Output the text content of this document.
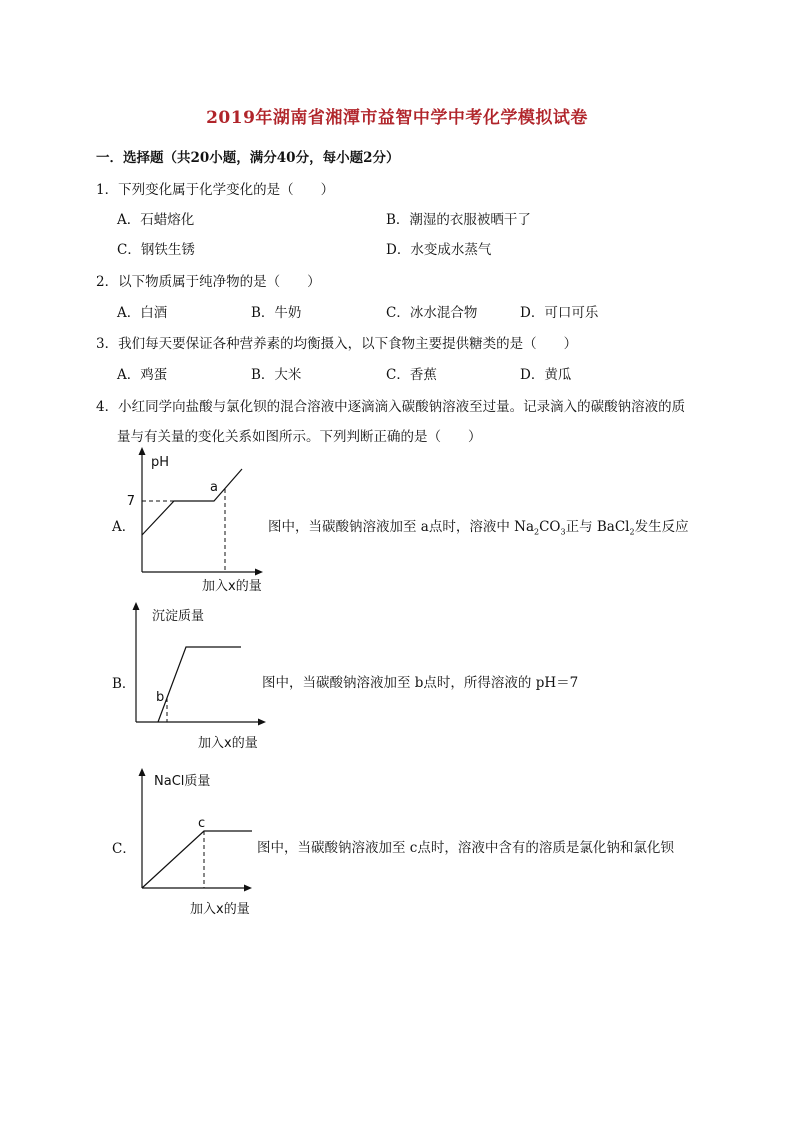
2019年湖南省湘潭市益智中学中考化学模拟试卷
一．选择题（共20小题，满分40分，每小题2分）
1．下列变化属于化学变化的是（　　）
A．石蜡熔化	B．潮湿的衣服被晒干了
C．钢铁生锈	D．水变成水蒸气
2．以下物质属于纯净物的是（　　）
A．白酒	B．牛奶	C．冰水混合物	D．可口可乐
3．我们每天要保证各种营养素的均衡摄入，以下食物主要提供糖类的是（　　）
A．鸡蛋	B．大米	C．香蕉	D．黄瓜
4．小红同学向盐酸与氯化钡的混合溶液中逐滴滴入碳酸钠溶液至过量。记录滴入的碳酸钠溶液的质
量与有关量的变化关系如图所示。下列判断正确的是（　　）
A．
pH
7
a
加入x的量
图中，当碳酸钠溶液加至 a点时，溶液中 $Na_2CO_3$正与 BaCl$_2$发生反应
B．
沉淀质量
b
加入x的量
图中，当碳酸钠溶液加至 b点时，所得溶液的 pH＝7
C．
NaCl质量
c
加入x的量
图中，当碳酸钠溶液加至 c点时，溶液中含有的溶质是氯化钠和氯化钡
